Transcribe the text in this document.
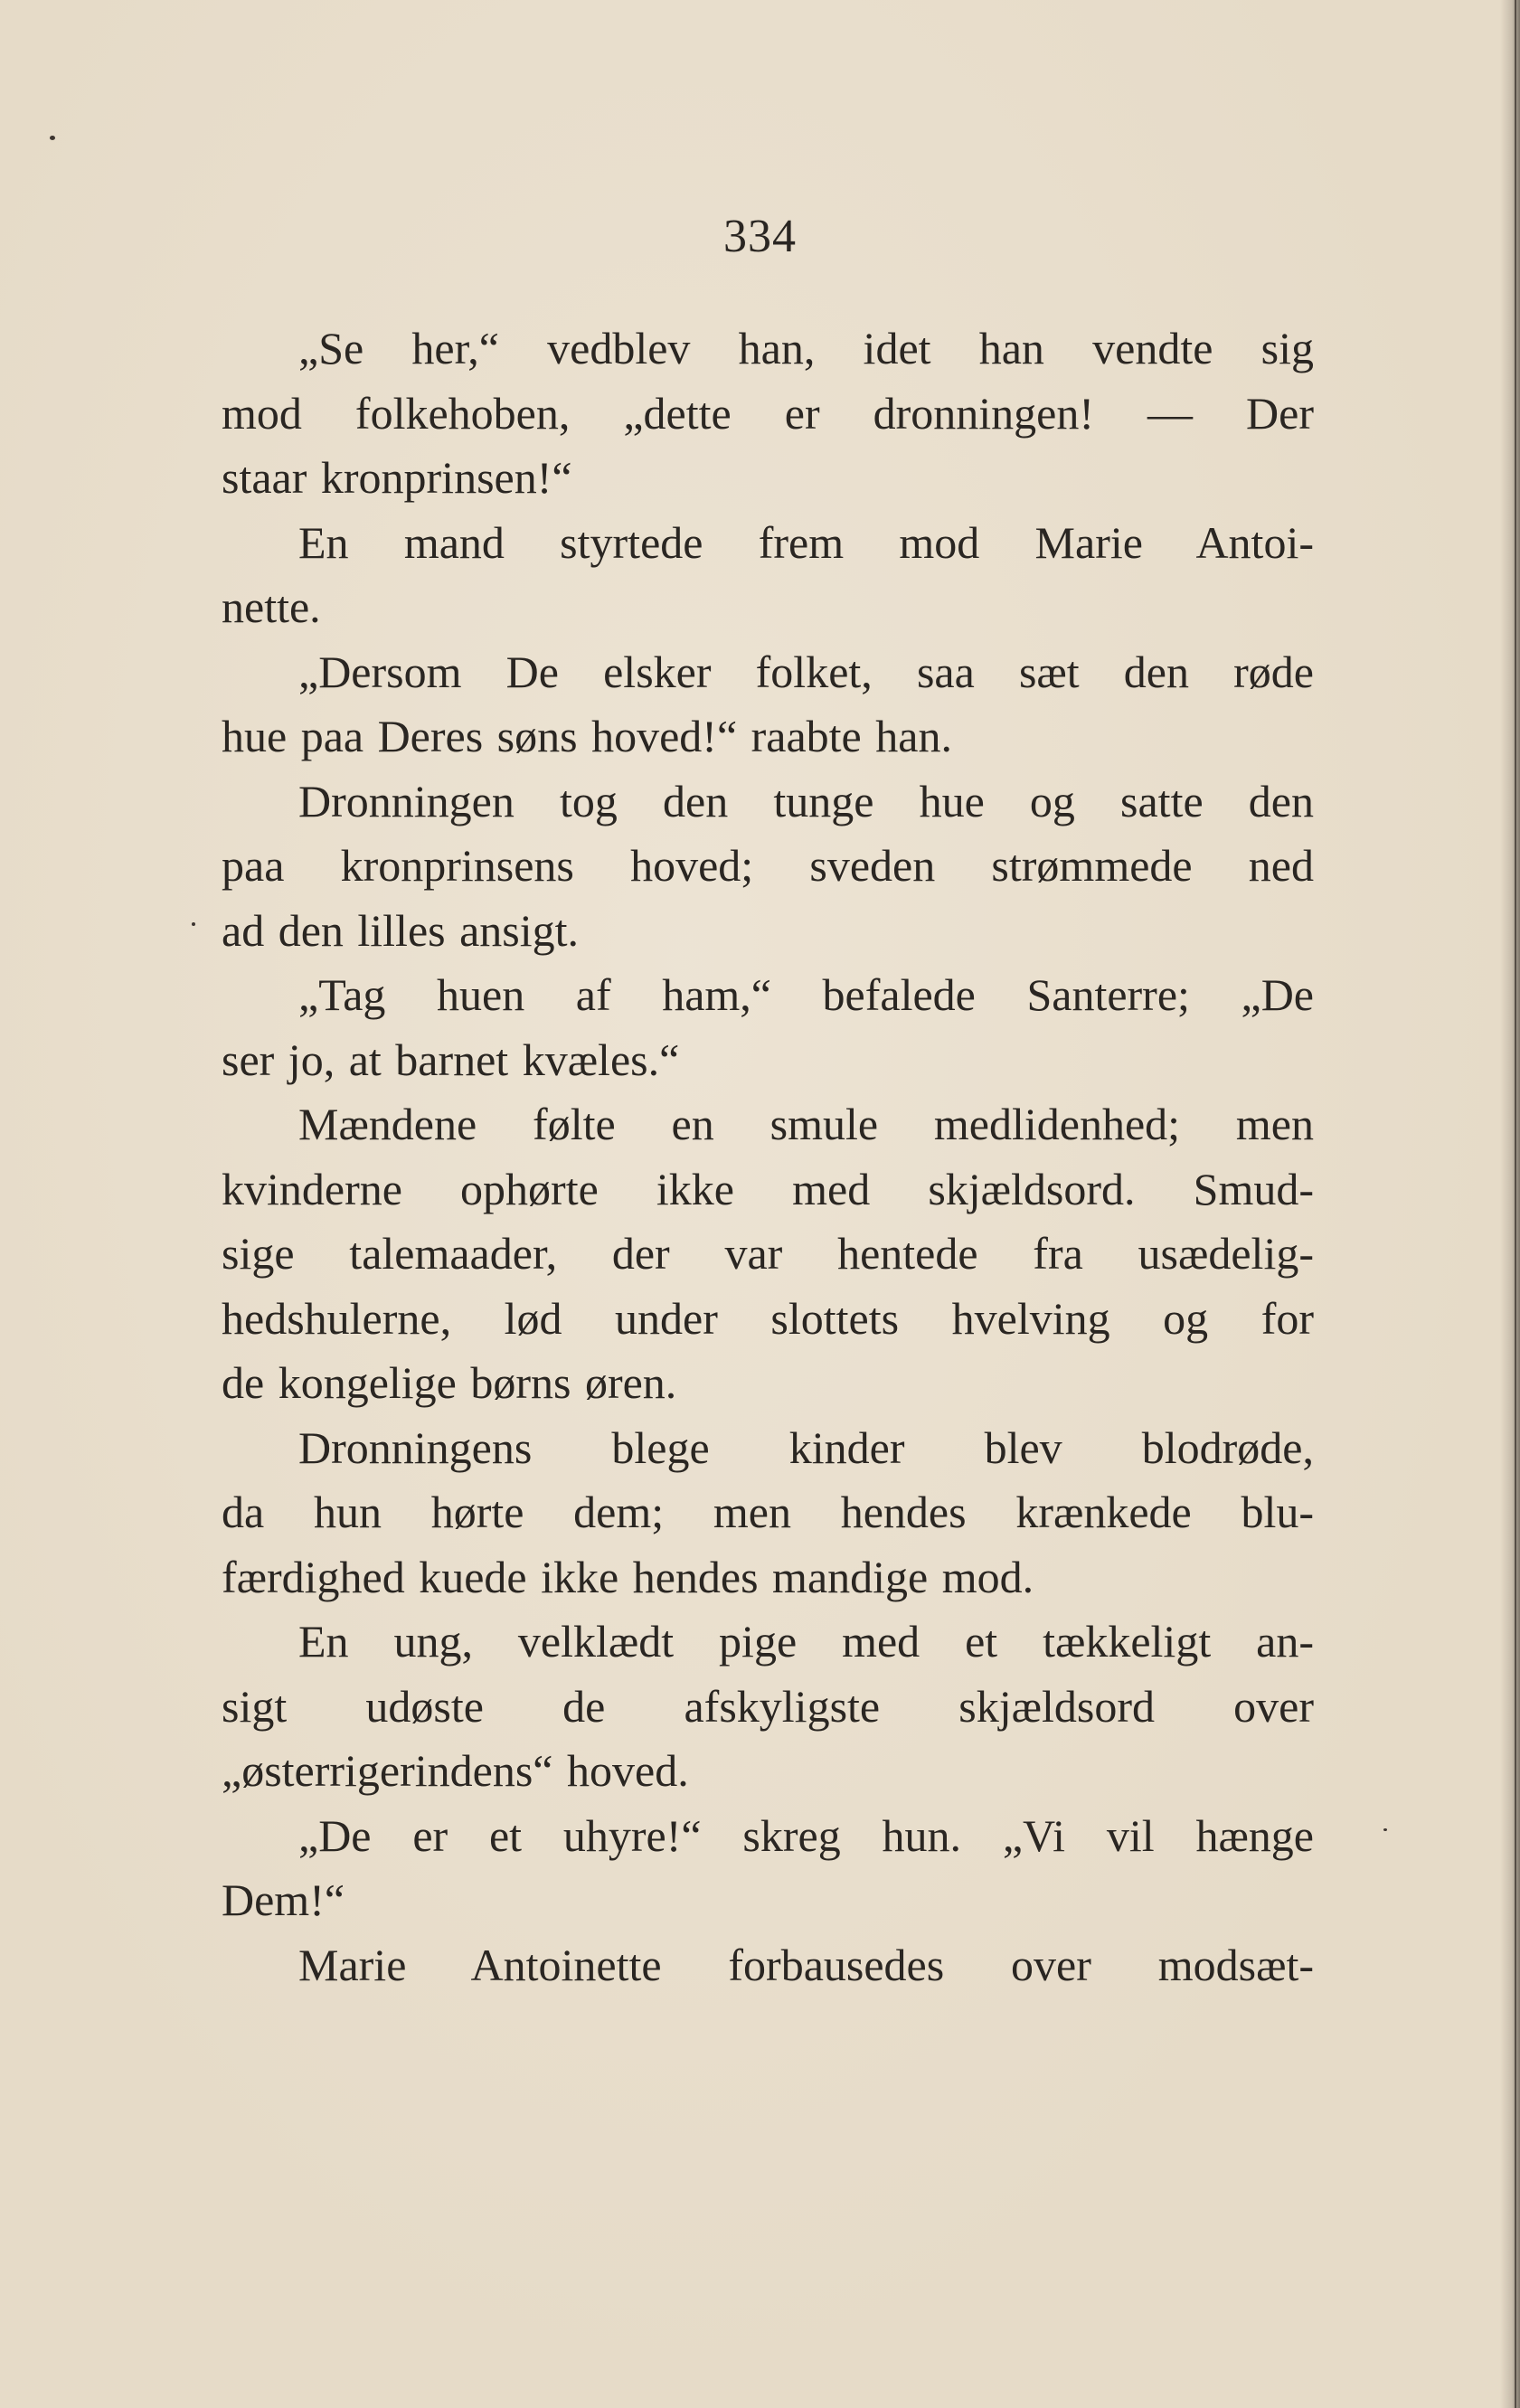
334
„Se her,“ vedblev han, idet han vendte sig
mod folkehoben, „dette er dronningen! — Der
staar kronprinsen!“
En mand styrtede frem mod Marie Antoi-
nette.
„Dersom De elsker folket, saa sæt den røde
hue paa Deres søns hoved!“ raabte han.
Dronningen tog den tunge hue og satte den
paa kronprinsens hoved; sveden strømmede ned
ad den lilles ansigt.
„Tag huen af ham,“ befalede Santerre; „De
ser jo, at barnet kvæles.“
Mændene følte en smule medlidenhed; men
kvinderne ophørte ikke med skjældsord. Smud-
sige talemaader, der var hentede fra usædelig-
hedshulerne, lød under slottets hvelving og for
de kongelige børns øren.
Dronningens blege kinder blev blodrøde,
da hun hørte dem; men hendes krænkede blu-
færdighed kuede ikke hendes mandige mod.
En ung, velklædt pige med et tækkeligt an-
sigt udøste de afskyligste skjældsord over
„østerrigerindens“ hoved.
„De er et uhyre!“ skreg hun. „Vi vil hænge
Dem!“
Marie Antoinette forbausedes over modsæt-
